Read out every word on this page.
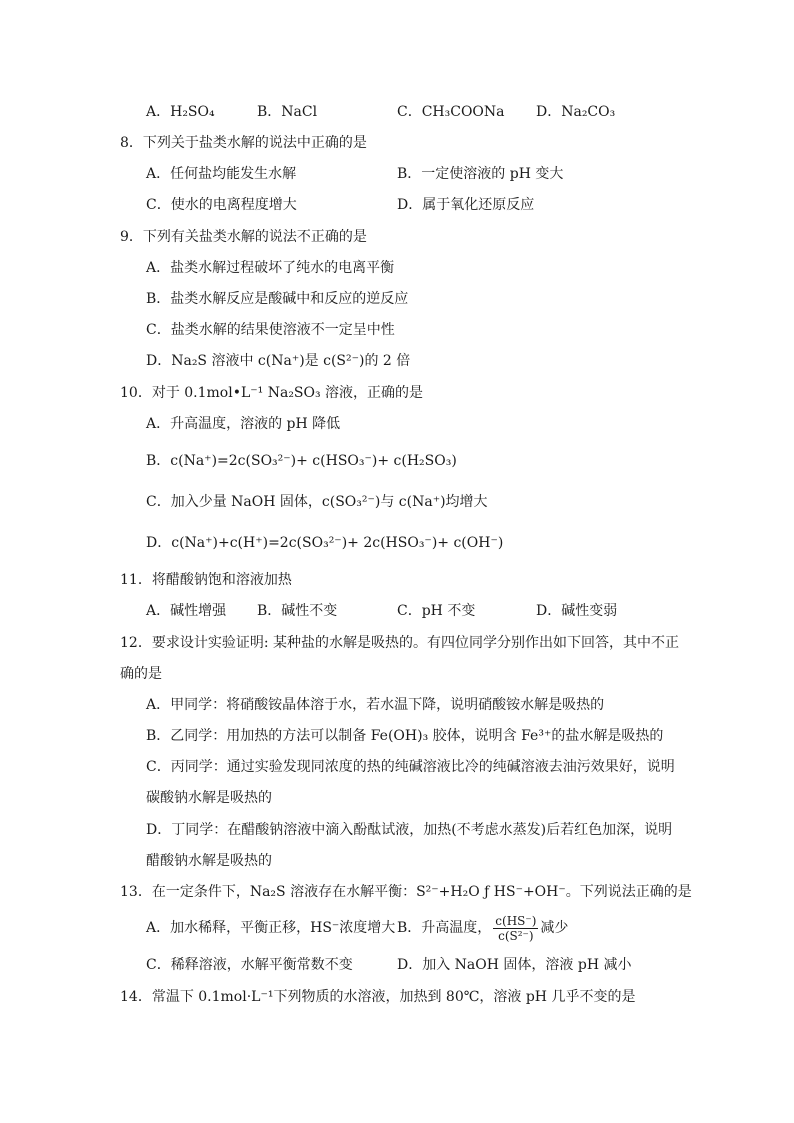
A．H₂SO₄	B．NaCl	C．CH₃COONa D．Na₂CO₃
8．下列关于盐类水解的说法中正确的是
A．任何盐均能发生水解	B．一定使溶液的 pH 变大
C．使水的电离程度增大	D．属于氧化还原反应
9．下列有关盐类水解的说法不正确的是
A．盐类水解过程破坏了纯水的电离平衡
B．盐类水解反应是酸碱中和反应的逆反应
C．盐类水解的结果使溶液不一定呈中性
D．Na₂S 溶液中 c(Na⁺)是 c(S²⁻)的 2 倍
10．对于 0.1mol•L⁻¹ Na₂SO₃ 溶液，正确的是
A．升高温度，溶液的 pH 降低
B．c(Na⁺)=2c(SO₃²⁻)+ c(HSO₃⁻)+ c(H₂SO₃)
C．加入少量 NaOH 固体，c(SO₃²⁻)与 c(Na⁺)均增大
D．c(Na⁺)+c(H⁺)=2c(SO₃²⁻)+ 2c(HSO₃⁻)+ c(OH⁻)
11．将醋酸钠饱和溶液加热
A．碱性增强 B．碱性不变	C．pH 不变	D．碱性变弱
12．要求设计实验证明: 某种盐的水解是吸热的。有四位同学分别作出如下回答，其中不正
确的是
A．甲同学：将硝酸铵晶体溶于水，若水温下降，说明硝酸铵水解是吸热的
B．乙同学：用加热的方法可以制备 Fe(OH)₃ 胶体，说明含 Fe³⁺的盐水解是吸热的
C．丙同学：通过实验发现同浓度的热的纯碱溶液比冷的纯碱溶液去油污效果好，说明
碳酸钠水解是吸热的
D．丁同学：在醋酸钠溶液中滴入酚酞试液，加热(不考虑水蒸发)后若红色加深，说明
醋酸钠水解是吸热的
13．在一定条件下，Na₂S 溶液存在水解平衡：S²⁻+H₂O ƒ HS⁻+OH⁻。下列说法正确的是
A．加水稀释，平衡正移，HS⁻浓度增大 B．升高温度， $\frac{c(HS^-)}{\text{c(S²⁻)}}$ 减少
C．稀释溶液，水解平衡常数不变	D．加入 NaOH 固体，溶液 pH 减小
14．常温下 0.1mol·L⁻¹下列物质的水溶液，加热到 80℃，溶液 pH 几乎不变的是
